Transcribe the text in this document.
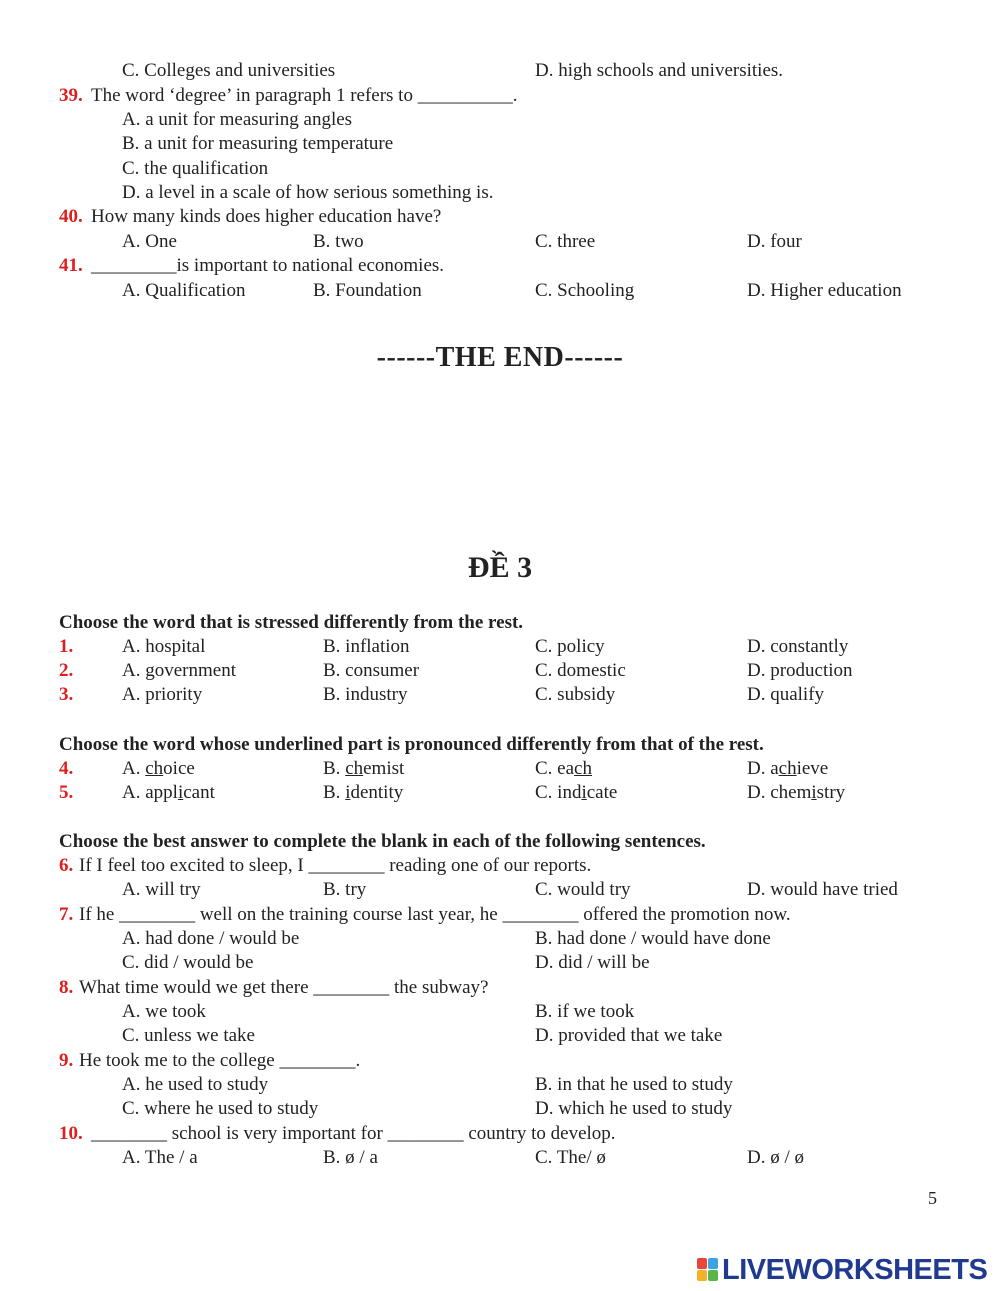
C. Colleges and universities	D. high schools and universities.
39. The word ‘degree’ in paragraph 1 refers to __________.
A. a unit for measuring angles
B. a unit for measuring temperature
C. the qualification
D. a level in a scale of how serious something is.
40. How many kinds does higher education have?
A. One	B. two	C. three	D. four
41. _________is important to national economies.
A. Qualification	B. Foundation	C. Schooling	D. Higher education
------THE END------
ĐỀ 3
Choose the word that is stressed differently from the rest.
1.	A. hospital	B. inflation	C. policy	D. constantly
2.	A. government	B. consumer	C. domestic	D. production
3.	A. priority	B. industry	C. subsidy	D. qualify
Choose the word whose underlined part is pronounced differently from that of the rest.
4.	A. choice	B. chemist	C. each	D. achieve
5.	A. applicant	B. identity	C. indicate	D. chemistry
Choose the best answer to complete the blank in each of the following sentences.
6. If I feel too excited to sleep, I ________ reading one of our reports.
A. will try	B. try	C. would try	D. would have tried
7. If he ________ well on the training course last year, he ________ offered the promotion now.
A. had done / would be	B. had done / would have done
C. did / would be	D. did / will be
8. What time would we get there ________ the subway?
A. we took	B. if we took
C. unless we take	D. provided that we take
9. He took me to the college ________.
A. he used to study	B. in that he used to study
C. where he used to study	D. which he used to study
10. ________ school is very important for ________ country to develop.
A. The / a	B. ø / a	C. The/ ø	D. ø / ø
5
LIVEWORKSHEETS
